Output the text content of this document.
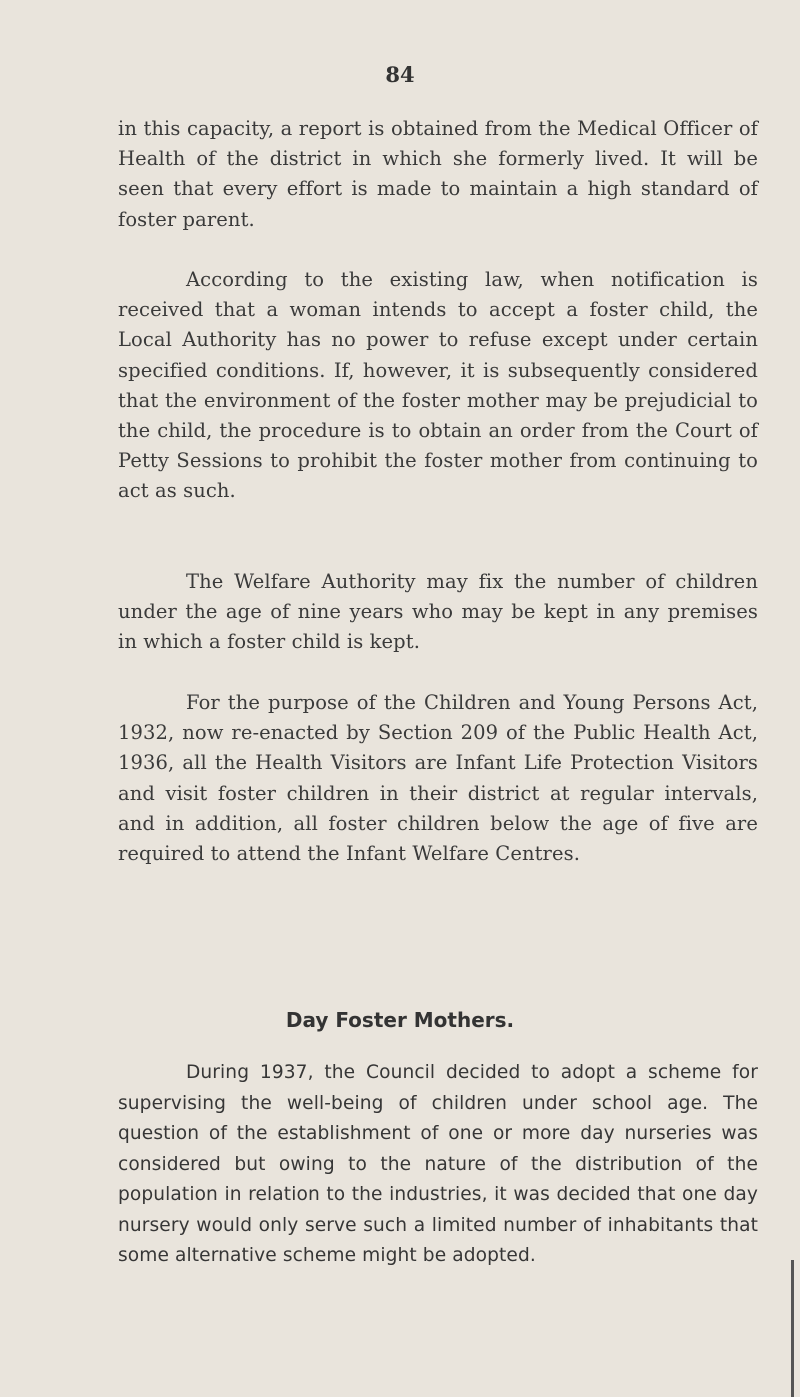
84
in this capacity, a report is obtained from the Medical Officer of Health of the district in which she formerly lived. It will be seen that every effort is made to maintain a high standard of foster parent.
According to the existing law, when notification is received that a woman intends to accept a foster child, the Local Authority has no power to refuse except under certain specified conditions. If, however, it is subsequently considered that the environment of the foster mother may be prejudicial to the child, the procedure is to obtain an order from the Court of Petty Sessions to prohibit the foster mother from continuing to act as such.
The Welfare Authority may fix the number of children under the age of nine years who may be kept in any premises in which a foster child is kept.
For the purpose of the Children and Young Persons Act, 1932, now re-enacted by Section 209 of the Public Health Act, 1936, all the Health Visitors are Infant Life Protection Visitors and visit foster children in their district at regular intervals, and in addition, all foster children below the age of five are required to attend the Infant Welfare Centres.
Day Foster Mothers.
During 1937, the Council decided to adopt a scheme for supervising the well-being of children under school age. The question of the establishment of one or more day nurseries was considered but owing to the nature of the distribution of the population in relation to the industries, it was decided that one day nursery would only serve such a limited number of inhabitants that some alternative scheme might be adopted.
